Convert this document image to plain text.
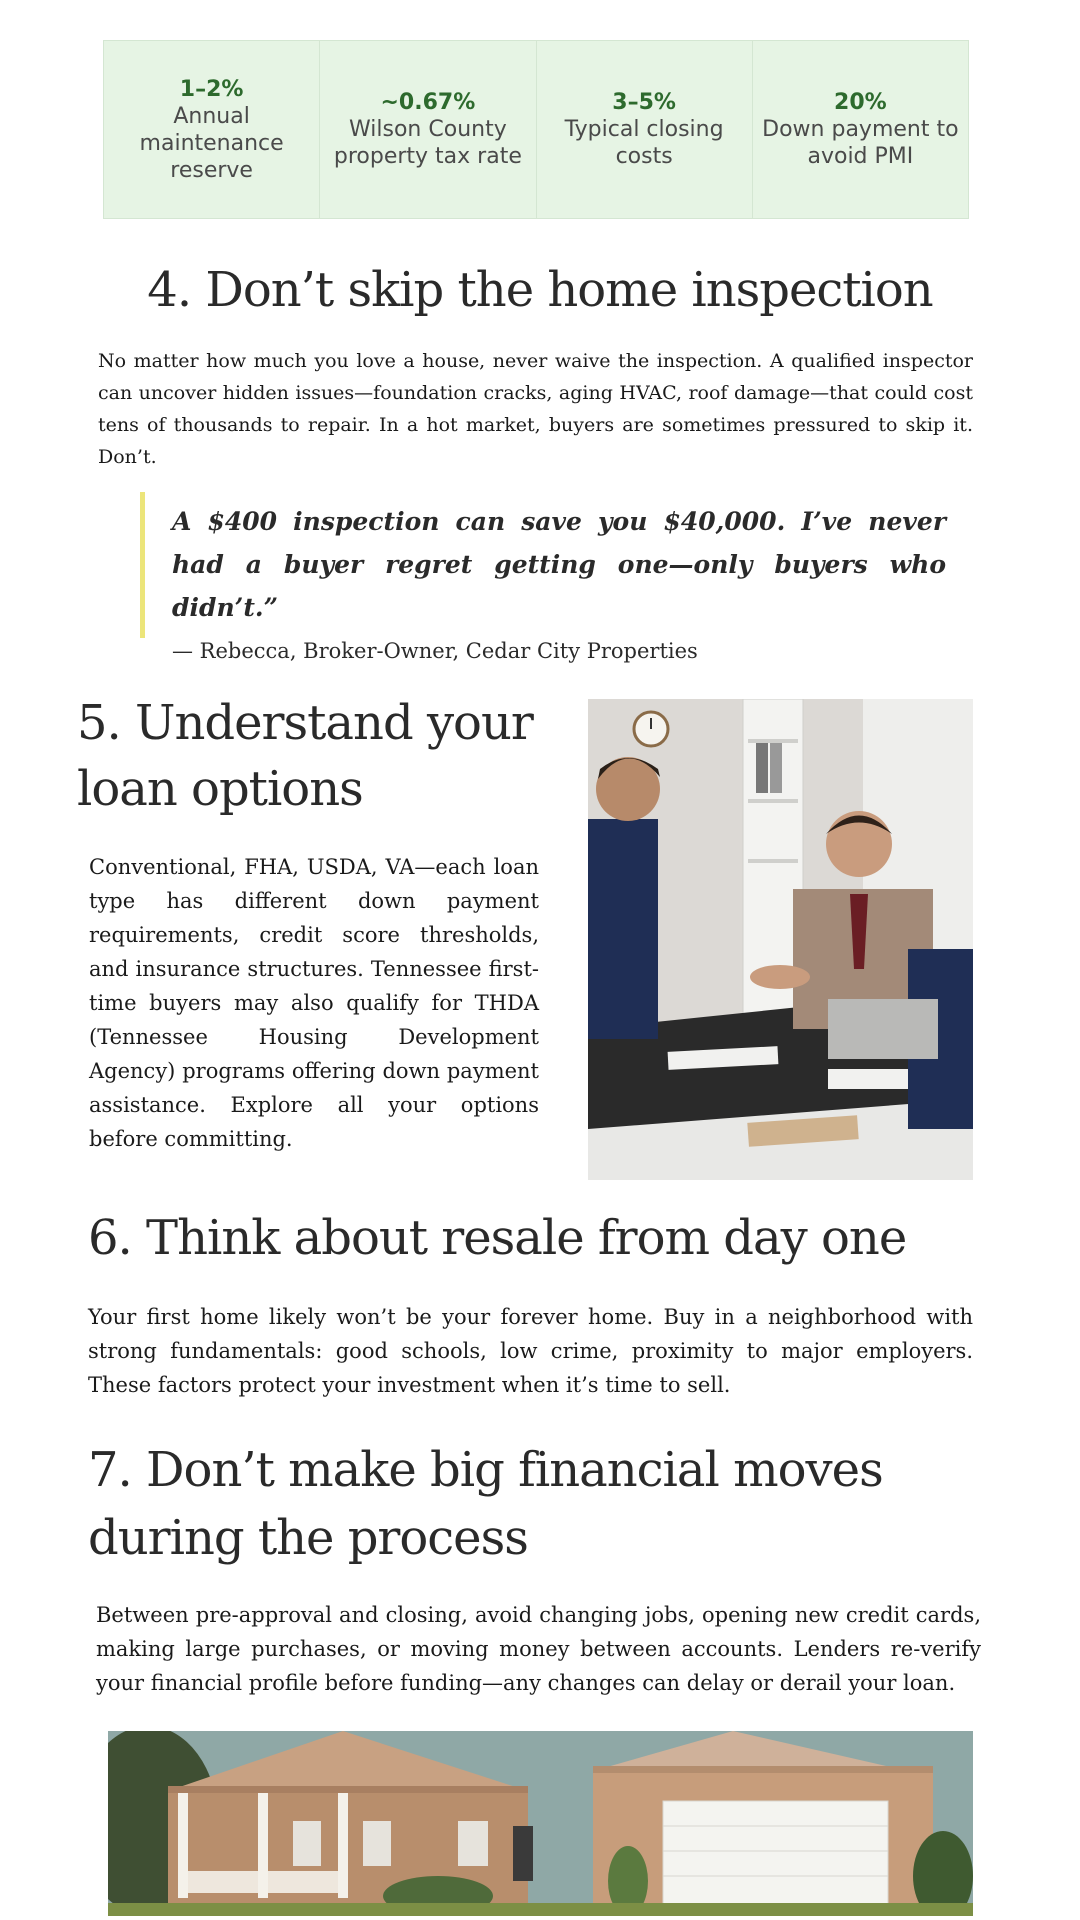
1–2%
Annual maintenance reserve
~0.67%
Wilson County property tax rate
3–5%
Typical closing costs
20%
Down payment to avoid PMI
4. Don’t skip the home inspection

No matter how much you love a house, never waive the inspection. A qualified inspector can uncover hidden issues—foundation cracks, aging HVAC, roof damage—that could cost tens of thousands to repair. In a hot market, buyers are sometimes pressured to skip it. Don’t.

A $400 inspection can save you $40,000. I’ve never had a buyer regret getting one—only buyers who didn’t.”

— Rebecca, Broker-Owner, Cedar City Properties
5. Understand your loan options

Conventional, FHA, USDA, VA—each loan type has different down payment requirements, credit score thresholds, and insurance structures. Tennessee first-time buyers may also qualify for THDA (Tennessee Housing Development Agency) programs offering down payment assistance. Explore all your options before committing.

6. Think about resale from day one

Your first home likely won’t be your forever home. Buy in a neighborhood with strong fundamentals: good schools, low crime, proximity to major employers. These factors protect your investment when it’s time to sell.

7. Don’t make big financial moves during the process

Between pre-approval and closing, avoid changing jobs, opening new credit cards, making large purchases, or moving money between accounts. Lenders re-verify your financial profile before funding—any changes can delay or derail your loan.
